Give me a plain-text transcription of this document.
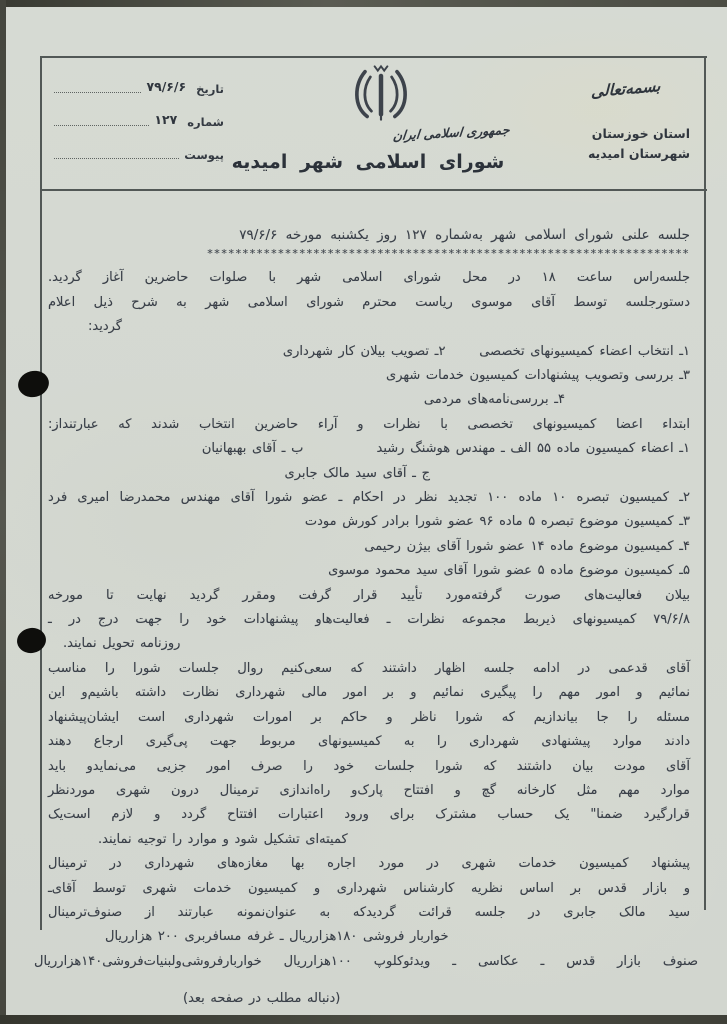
تاریخ
۷۹/۶/۶
شماره
۱۲۷
پیوست
بسمه‌تعالی
استان خوزستان
شهرستان امیدیه
جمهوری اسلامی ایران
شورای اسلامی شهر امیدیه
جلسه علنی شورای اسلامی شهر به‌شماره ۱۲۷ روز یکشنبه مورخه ۷۹/۶/۶
********************************************************************
جلسه‌راس ساعت ۱۸ در محل شورای اسلامی شهر با صلوات حاضرین آغاز گردید.
دستورجلسه توسط آقای موسوی ریاست محترم شورای اسلامی شهر به شرح ذیل اعلام
گردید:
۱ـ انتخاب اعضاء کمیسیونهای تخصصی      ۲ـ تصویب بیلان کار شهرداری
۳ـ بررسی وتصویب پیشنهادات کمیسیون خدمات شهری
۴ـ بررسی‌نامه‌های مردمی
ابتداء اعضا کمیسیونهای تخصصی با نظرات و آراء حاضرین انتخاب شدند که عبارتنداز:
۱ـ اعضاء کمیسیون ماده ۵۵ الف ـ مهندس هوشنگ رشید             ب ـ آقای بهبهانیان
ج ـ آقای سید مالک جابری
۲ـ کمیسیون تبصره ۱۰ ماده ۱۰۰ تجدید نظر در احکام ـ عضو شورا آقای مهندس محمدرضا امیری فرد
۳ـ کمیسیون موضوع تبصره ۵ ماده ۹۶ عضو شورا برادر کورش مودت
۴ـ کمیسیون موضوع ماده ۱۴ عضو شورا آقای بیژن رحیمی
۵ـ کمیسیون موضوع ماده ۵ عضو شورا آقای سید محمود موسوی
بیلان فعالیت‌های صورت گرفته‌مورد تأیید قرار گرفت ومقرر گردید نهایت تا مورخه
۷۹/۶/۸ کمیسیونهای ذیربط مجموعه نظرات ـ فعالیت‌هاو پیشنهادات خود را جهت درج در ـ
روزنامه تحویل نمایند.
آقای قدعمی در ادامه جلسه اظهار داشتند که سعی‌کنیم روال جلسات شورا را مناسب
نمائیم و امور مهم را پیگیری نمائیم و بر امور مالی شهرداری نظارت داشته باشیم‌و این
مسئله را جا بیاندازیم که شورا ناظر و حاکم بر امورات شهرداری است ایشان‌پیشنهاد
دادند موارد پیشنهادی شهرداری را به کمیسیونهای مربوط جهت پی‌گیری ارجاع دهند
آقای مودت بیان داشتند که شورا جلسات خود را صرف امور جزیی می‌نمایدو باید
موارد مهم مثل کارخانه گچ و افتتاح پارک‌و راه‌اندازی ترمینال درون شهری موردنظر
قرارگیرد ضمنا" یک حساب مشترک برای ورود اعتبارات افتتاح گردد و لازم است‌یک
کمیته‌ای تشکیل شود و موارد را توجیه نمایند.
پیشنهاد کمیسیون خدمات شهری در مورد اجاره بها مغازه‌های شهرداری در ترمینال
و بازار قدس بر اساس نظریه کارشناس شهرداری و کمیسیون خدمات شهری توسط آقای‌ـ
سید مالک جابری در جلسه قرائت گردیدکه به عنوان‌نمونه عبارتند از صنوف‌ترمینال
خواربار فروشی ۱۸۰هزارریال ـ غرفه مسافربری ۲۰۰ هزارریال
صنوف بازار قدس ـ عکاسی ـ ویدئوکلوپ ۱۰۰هزارریال خواربارفروشی‌ولبنیات‌فروشی۱۴۰هزارریال
(دنباله مطلب در صفحه بعد)
